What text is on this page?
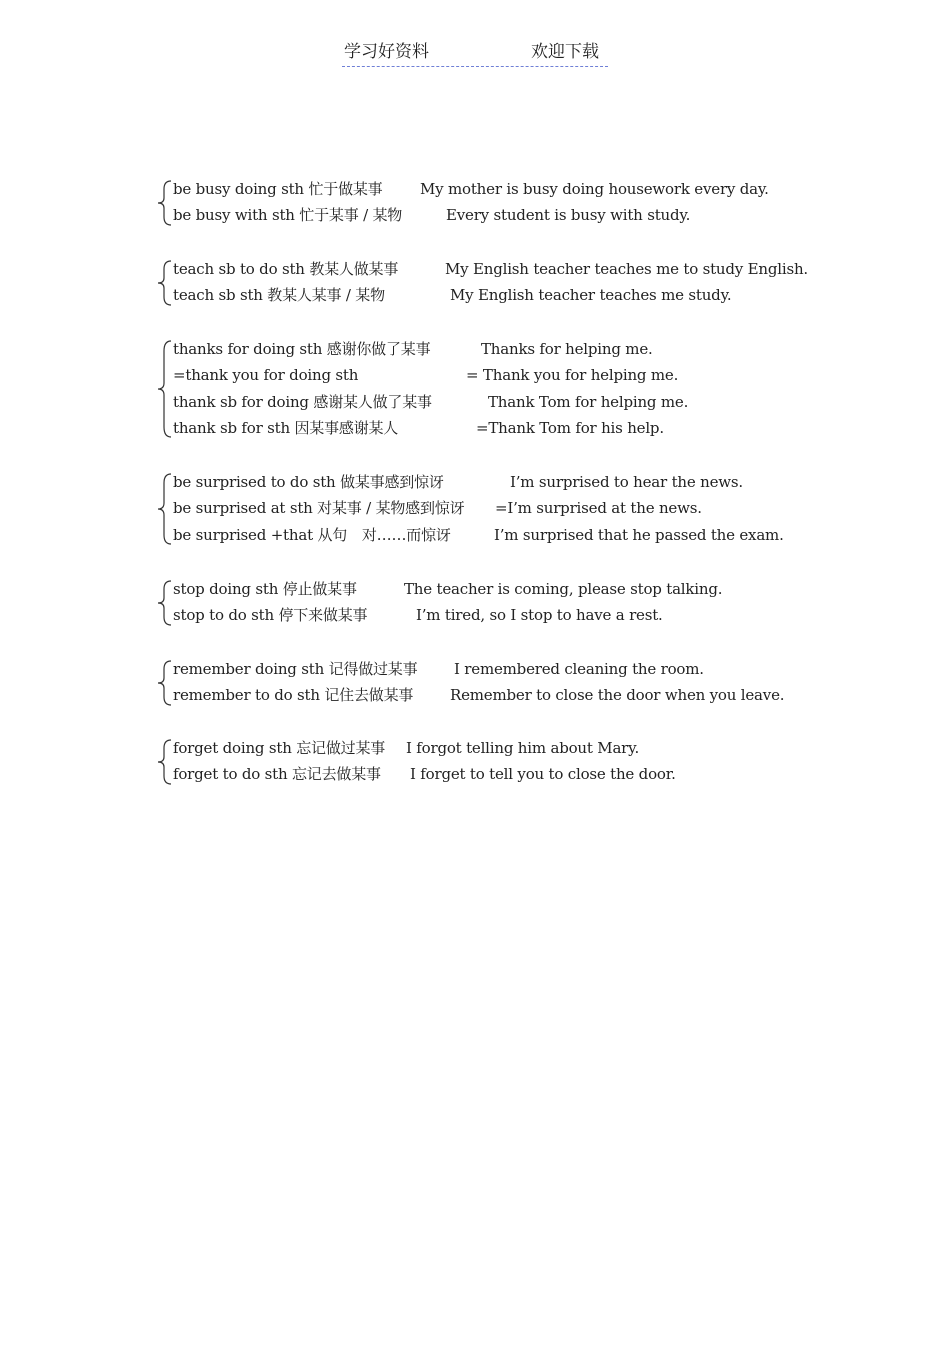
学习好资料	欢迎下载
be busy doing sth 忙于做某事	My mother is busy doing housework every day.
be busy with sth 忙于某事 / 某物	Every student is busy with study.
teach sb to do sth 教某人做某事	My English teacher teaches me to study English.
teach sb sth 教某人某事 / 某物	My English teacher teaches me study.
thanks for doing sth 感谢你做了某事	Thanks for helping me.
=thank you for doing sth	= Thank you for helping me.
thank sb for doing 感谢某人做了某事	Thank Tom for helping me.
thank sb for sth 因某事感谢某人	=Thank Tom for his help.
be surprised to do sth 做某事感到惊讶	I’m surprised to hear the news.
be surprised at sth 对某事 / 某物感到惊讶 =I’m surprised at the news.
be surprised +that 从句　对……而惊讶	I’m surprised that he passed the exam.
stop doing sth 停止做某事	The teacher is coming, please stop talking.
stop to do sth 停下来做某事	I’m tired, so I stop to have a rest.
remember doing sth 记得做过某事 I remembered cleaning the room.
remember to do sth 记住去做某事 Remember to close the door when you leave.
forget doing sth 忘记做过某事 I forgot telling him about Mary.
forget to do sth 忘记去做某事 I forget to tell you to close the door.
